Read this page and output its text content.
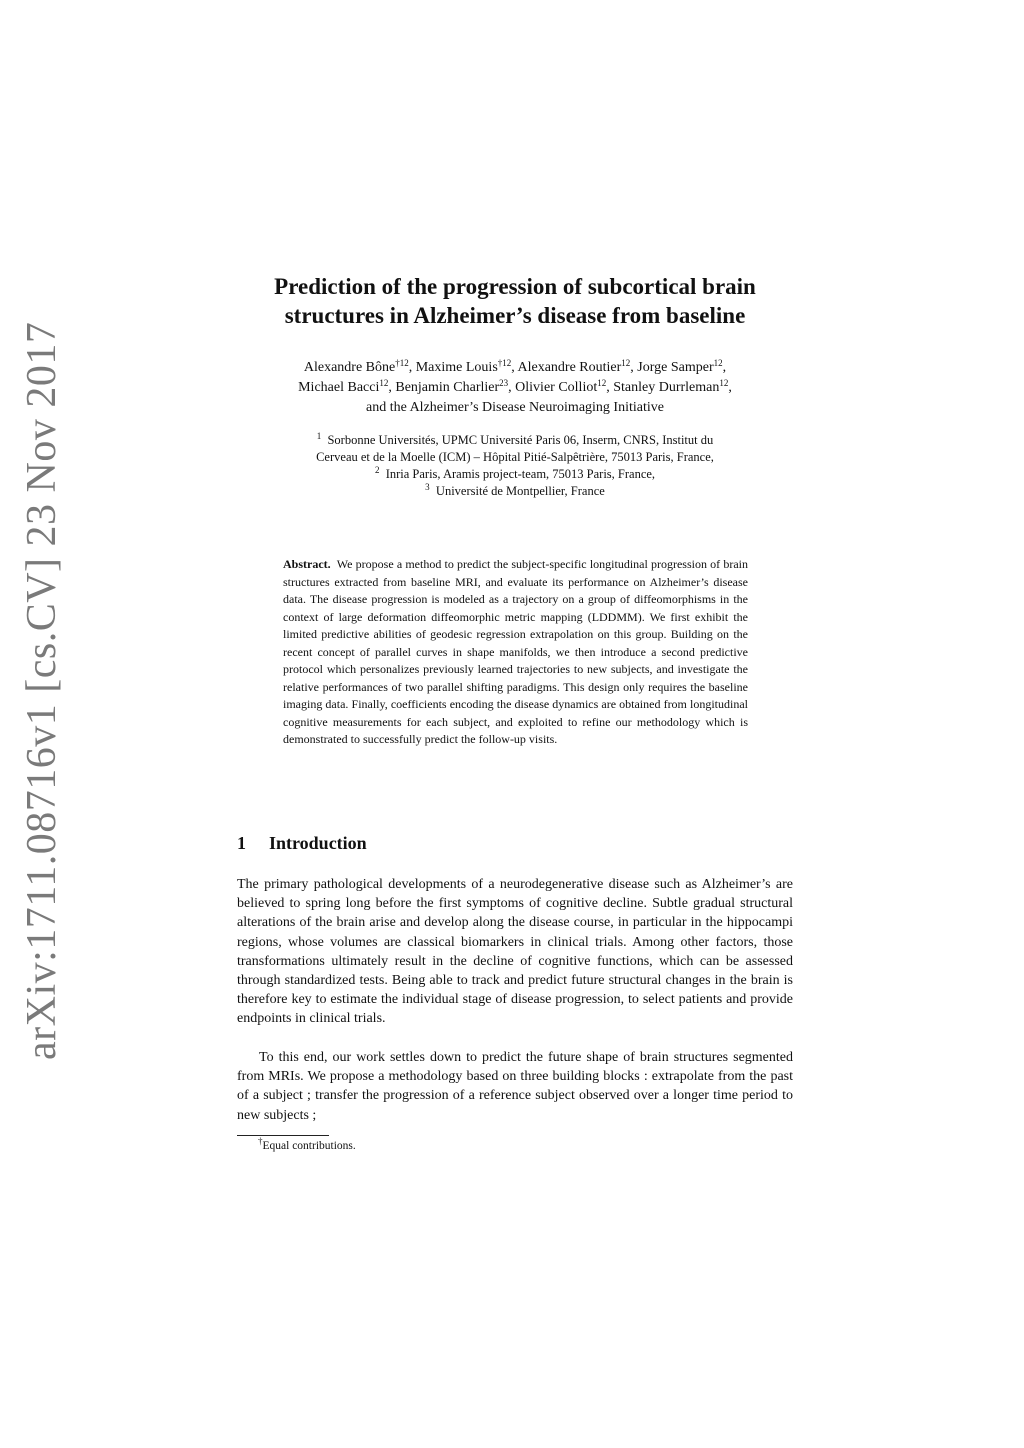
arXiv:1711.08716v1 [cs.CV] 23 Nov 2017
Prediction of the progression of subcortical brain
structures in Alzheimer’s disease from baseline
Alexandre Bône$^{\dagger 12}$, Maxime Louis$^{\dagger 12}$, Alexandre Routier$^{12}$, Jorge Samper$^{12}$,
Michael Bacci$^{12}$, Benjamin Charlier$^{23}$, Olivier Colliot$^{12}$, Stanley Durrleman$^{12}$,
and the Alzheimer’s Disease Neuroimaging Initiative
$^1$ Sorbonne Universités, UPMC Université Paris 06, Inserm, CNRS, Institut du
Cerveau et de la Moelle (ICM) – Hôpital Pitié-Salpêtrière, 75013 Paris, France,
$^2$ Inria Paris, Aramis project-team, 75013 Paris, France,
$^3$ Université de Montpellier, France
Abstract. We propose a method to predict the subject-specific longitudinal progression of brain structures extracted from baseline MRI, and evaluate its performance on Alzheimer’s disease data. The disease progression is modeled as a trajectory on a group of diffeomorphisms in the context of large deformation diffeomorphic metric mapping (LDDMM). We first exhibit the limited predictive abilities of geodesic regression extrapolation on this group. Building on the recent concept of parallel curves in shape manifolds, we then introduce a second predictive protocol which personalizes previously learned trajectories to new subjects, and investigate the relative performances of two parallel shifting paradigms. This design only requires the baseline imaging data. Finally, coefficients encoding the disease dynamics are obtained from longitudinal cognitive measurements for each subject, and exploited to refine our methodology which is demonstrated to successfully predict the follow-up visits.
1 Introduction
The primary pathological developments of a neurodegenerative disease such as Alzheimer’s are believed to spring long before the first symptoms of cognitive decline. Subtle gradual structural alterations of the brain arise and develop along the disease course, in particular in the hippocampi regions, whose volumes are classical biomarkers in clinical trials. Among other factors, those transformations ultimately result in the decline of cognitive functions, which can be assessed through standardized tests. Being able to track and predict future structural changes in the brain is therefore key to estimate the individual stage of disease progression, to select patients and provide endpoints in clinical trials.
To this end, our work settles down to predict the future shape of brain structures segmented from MRIs. We propose a methodology based on three building blocks : extrapolate from the past of a subject ; transfer the progression of a reference subject observed over a longer time period to new subjects ;
†Equal contributions.
